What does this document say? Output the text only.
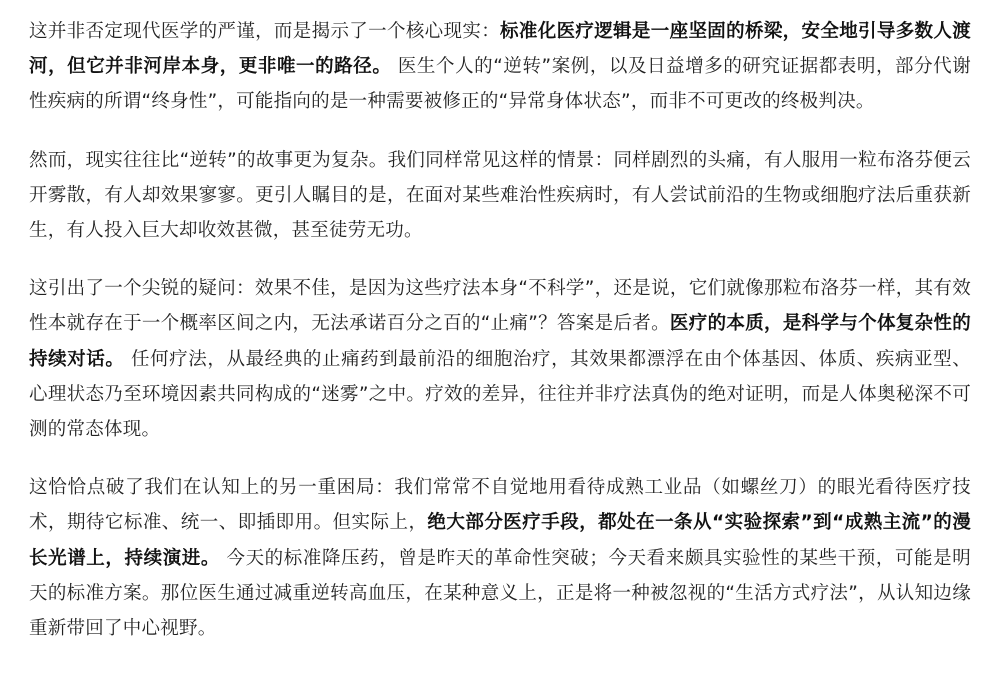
这并非否定现代医学的严谨，而是揭示了一个核心现实：标准化医疗逻辑是一座坚固的桥梁，安全地引导多数人渡河，但它并非河岸本身，更非唯一的路径。 医生个人的“逆转”案例，以及日益增多的研究证据都表明，部分代谢性疾病的所谓“终身性”，可能指向的是一种需要被修正的“异常身体状态”，而非不可更改的终极判决。

然而，现实往往比“逆转”的故事更为复杂。我们同样常见这样的情景：同样剧烈的头痛，有人服用一粒布洛芬便云开雾散，有人却效果寥寥。更引人瞩目的是，在面对某些难治性疾病时，有人尝试前沿的生物或细胞疗法后重获新生，有人投入巨大却收效甚微，甚至徒劳无功。

这引出了一个尖锐的疑问：效果不佳，是因为这些疗法本身“不科学”，还是说，它们就像那粒布洛芬一样，其有效性本就存在于一个概率区间之内，无法承诺百分之百的“止痛”？答案是后者。医疗的本质，是科学与个体复杂性的持续对话。 任何疗法，从最经典的止痛药到最前沿的细胞治疗，其效果都漂浮在由个体基因、体质、疾病亚型、心理状态乃至环境因素共同构成的“迷雾”之中。疗效的差异，往往并非疗法真伪的绝对证明，而是人体奥秘深不可测的常态体现。

这恰恰点破了我们在认知上的另一重困局：我们常常不自觉地用看待成熟工业品（如螺丝刀）的眼光看待医疗技术，期待它标准、统一、即插即用。但实际上，绝大部分医疗手段，都处在一条从“实验探索”到“成熟主流”的漫长光谱上，持续演进。 今天的标准降压药，曾是昨天的革命性突破；今天看来颇具实验性的某些干预，可能是明天的标准方案。那位医生通过减重逆转高血压，在某种意义上，正是将一种被忽视的“生活方式疗法”，从认知边缘重新带回了中心视野。
